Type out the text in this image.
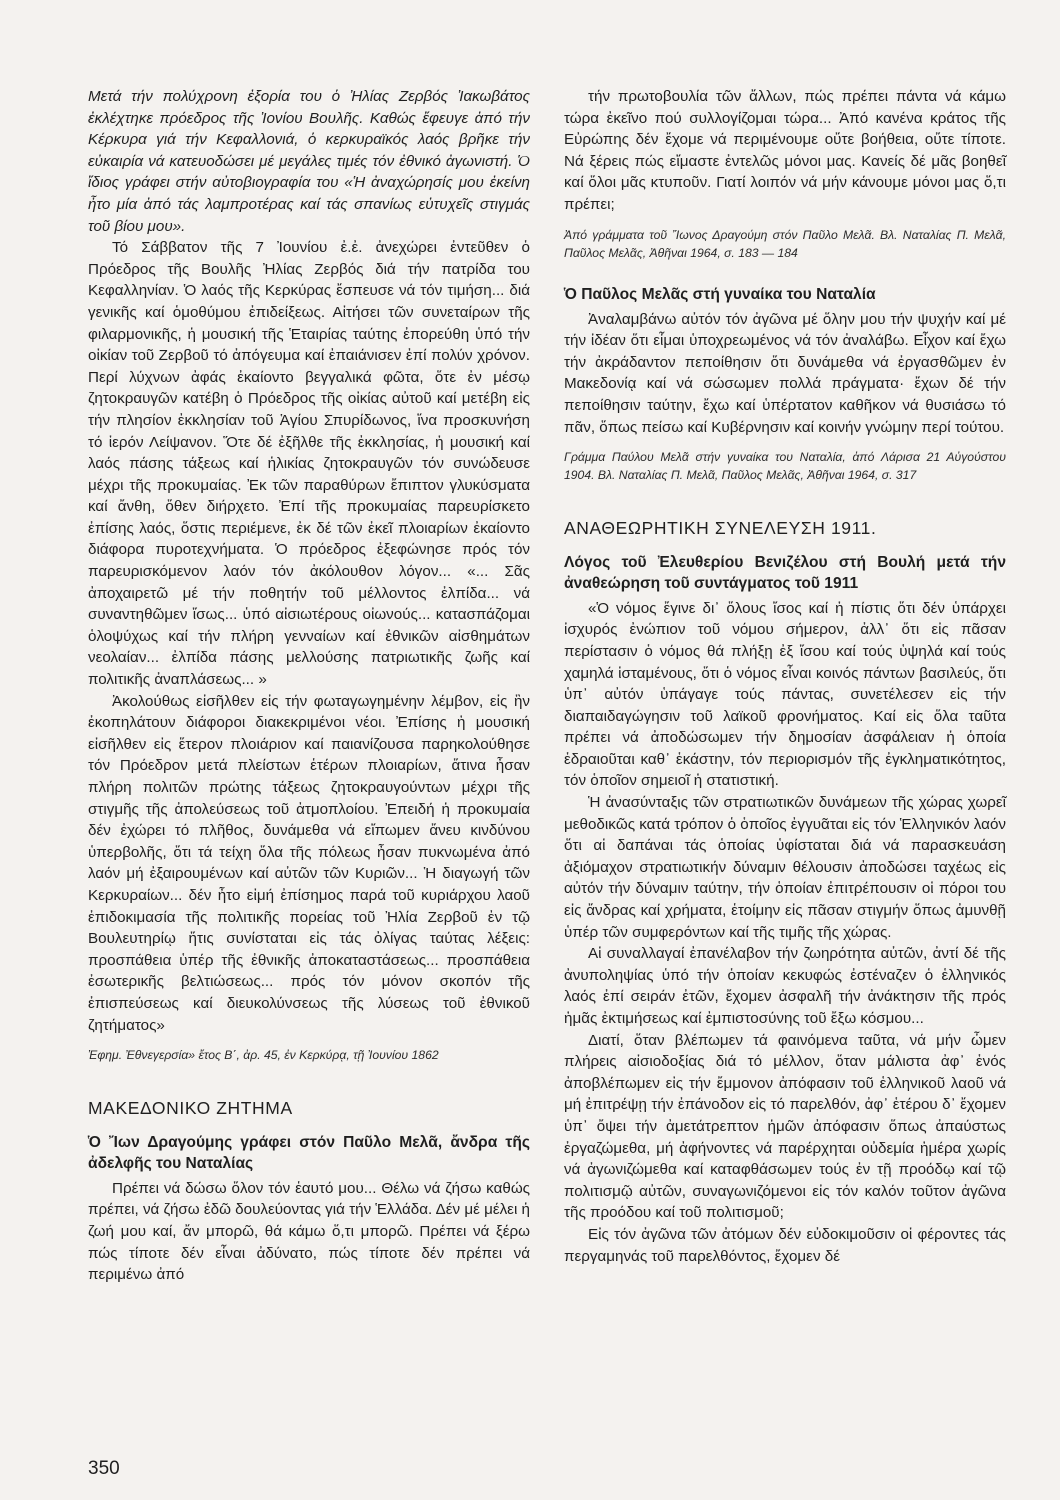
Μετά τήν πολύχρονη ἐξορία του ὁ Ἠλίας Ζερβός Ἰακωβάτος ἐκλέχτηκε πρόεδρος τῆς Ἰονίου Βουλῆς. Καθώς ἔφευγε ἀπό τήν Κέρκυρα γιά τήν Κεφαλλονιά, ὁ κερκυραϊκός λαός βρῆκε τήν εὐκαιρία νά κατευοδώσει μέ μεγάλες τιμές τόν ἐθνικό ἀγωνιστή. Ὁ ἴδιος γράφει στήν αὐτοβιογραφία του «Ἡ ἀναχώρησίς μου ἐκείνη ἦτο μία ἀπό τάς λαμπροτέρας καί τάς σπανίως εὐτυχεῖς στιγμάς τοῦ βίου μου».

Τό Σάββατον τῆς 7 Ἰουνίου ἐ.ἐ. ἀνεχώρει ἐντεῦθεν ὁ Πρόεδρος τῆς Βουλῆς Ἠλίας Ζερβός διά τήν πατρίδα του Κεφαλληνίαν. Ὁ λαός τῆς Κερκύρας ἔσπευσε νά τόν τιμήση... διά γενικῆς καί ὁμοθύμου ἐπιδείξεως. Αἰτήσει τῶν συνεταίρων τῆς φιλαρμονικῆς, ἡ μουσική τῆς Ἑταιρίας ταύτης ἐπορεύθη ὑπό τήν οἰκίαν τοῦ Ζερβοῦ τό ἀπόγευμα καί ἐπαιάνισεν ἐπί πολύν χρόνον. Περί λύχνων ἀφάς ἐκαίοντο βεγγαλικά φῶτα, ὅτε ἐν μέσῳ ζητοκραυγῶν κατέβη ὁ Πρόεδρος τῆς οἰκίας αὐτοῦ καί μετέβη εἰς τήν πλησίον ἐκκλησίαν τοῦ Ἁγίου Σπυρίδωνος, ἵνα προσκυνήση τό ἱερόν Λείψανον. Ὅτε δέ ἐξῆλθε τῆς ἐκκλησίας, ἡ μουσική καί λαός πάσης τάξεως καί ἡλικίας ζητοκραυγῶν τόν συνώδευσε μέχρι τῆς προκυμαίας. Ἐκ τῶν παραθύρων ἔπιπτον γλυκύσματα καί ἄνθη, ὅθεν διήρχετο. Ἐπί τῆς προκυμαίας παρευρίσκετο ἐπίσης λαός, ὅστις περιέμενε, ἐκ δέ τῶν ἐκεῖ πλοιαρίων ἐκαίοντο διάφορα πυροτεχνήματα. Ὁ πρόεδρος ἐξεφώνησε πρός τόν παρευρισκόμενον λαόν τόν ἀκόλουθον λόγον... «... Σᾶς ἀποχαιρετῶ μέ τήν ποθητήν τοῦ μέλλοντος ἐλπίδα... νά συναντηθῶμεν ἴσως... ὑπό αἰσιωτέρους οἰωνούς... κατασπάζομαι ὁλοψύχως καί τήν πλήρη γενναίων καί ἐθνικῶν αἰσθημάτων νεολαίαν... ἐλπίδα πάσης μελλούσης πατριωτικῆς ζωῆς καί πολιτικῆς ἀναπλάσεως... »

Ἀκολούθως εἰσῆλθεν εἰς τήν φωταγωγημένην λέμβον, εἰς ἣν ἐκοπηλάτουν διάφοροι διακεκριμένοι νέοι. Ἐπίσης ἡ μουσική εἰσῆλθεν εἰς ἕτερον πλοιάριον καί παιανίζουσα παρηκολούθησε τόν Πρόεδρον μετά πλείστων ἑτέρων πλοιαρίων, ἅτινα ἦσαν πλήρη πολιτῶν πρώτης τάξεως ζητοκραυγούντων μέχρι τῆς στιγμῆς τῆς ἀπολεύσεως τοῦ ἀτμοπλοίου. Ἐπειδή ἡ προκυμαία δέν ἐχώρει τό πλῆθος, δυνάμεθα νά εἴπωμεν ἄνευ κινδύνου ὑπερβολῆς, ὅτι τά τείχη ὅλα τῆς πόλεως ἦσαν πυκνωμένα ἀπό λαόν μή ἐξαιρουμένων καί αὐτῶν τῶν Κυριῶν... Ἡ διαγωγή τῶν Κερκυραίων... δέν ἦτο εἰμή ἐπίσημος παρά τοῦ κυριάρχου λαοῦ ἐπιδοκιμασία τῆς πολιτικῆς πορείας τοῦ Ἠλία Ζερβοῦ ἐν τῷ Βουλευτηρίῳ ἥτις συνίσταται εἰς τάς ὀλίγας ταύτας λέξεις: προσπάθεια ὑπέρ τῆς ἐθνικῆς ἀποκαταστάσεως... προσπάθεια ἐσωτερικῆς βελτιώσεως... πρός τόν μόνον σκοπόν τῆς ἐπισπεύσεως καί διευκολύνσεως τῆς λύσεως τοῦ ἐθνικοῦ ζητήματος»

Ἐφημ. Ἐθνεγερσία» ἔτος Β΄, ἀρ. 45, ἐν Κερκύρᾳ, τῇ Ἰουνίου 1862

ΜΑΚΕΔΟΝΙΚΟ ΖΗΤΗΜΑ
Ὁ Ἴων Δραγούμης γράφει στόν Παῦλο Μελᾶ, ἄνδρα τῆς ἀδελφῆς του Ναταλίας

Πρέπει νά δώσω ὅλον τόν ἑαυτό μου... Θέλω νά ζήσω καθώς πρέπει, νά ζήσω ἐδῶ δουλεύοντας γιά τήν Ἑλλάδα. Δέν μέ μέλει ἡ ζωή μου καί, ἄν μπορῶ, θά κάμω ὅ,τι μπορῶ. Πρέπει νά ξέρω πώς τίποτε δέν εἶναι ἀδύνατο, πώς τίποτε δέν πρέπει νά περιμένω ἀπό

τήν πρωτοβουλία τῶν ἄλλων, πώς πρέπει πάντα νά κάμω τώρα ἐκεῖνο πού συλλογίζομαι τώρα... Ἀπό κανένα κράτος τῆς Εὐρώπης δέν ἔχομε νά περιμένουμε οὔτε βοήθεια, οὔτε τίποτε. Νά ξέρεις πώς εἴμαστε ἐντελῶς μόνοι μας. Κανείς δέ μᾶς βοηθεῖ καί ὅλοι μᾶς κτυποῦν. Γιατί λοιπόν νά μήν κάνουμε μόνοι μας ὅ,τι πρέπει;

Ἀπό γράμματα τοῦ Ἴωνος Δραγούμη στόν Παῦλο Μελᾶ. Βλ. Ναταλίας Π. Μελᾶ, Παῦλος Μελᾶς, Ἀθῆναι 1964, σ. 183 — 184

Ὁ Παῦλος Μελᾶς στή γυναίκα του Ναταλία

Ἀναλαμβάνω αὐτόν τόν ἀγῶνα μέ ὅλην μου τήν ψυχήν καί μέ τήν ἰδέαν ὅτι εἶμαι ὑποχρεωμένος νά τόν ἀναλάβω. Εἶχον καί ἔχω τήν ἀκράδαντον πεποίθησιν ὅτι δυνάμεθα νά ἐργασθῶμεν ἐν Μακεδονίᾳ καί νά σώσωμεν πολλά πράγματα· ἔχων δέ τήν πεποίθησιν ταύτην, ἔχω καί ὑπέρτατον καθῆκον νά θυσιάσω τό πᾶν, ὅπως πείσω καί Κυβέρνησιν καί κοινήν γνώμην περί τούτου.

Γράμμα Παύλου Μελᾶ στήν γυναίκα του Ναταλία, ἀπό Λάρισα 21 Αὐγούστου 1904. Βλ. Ναταλίας Π. Μελᾶ, Παῦλος Μελᾶς, Ἀθῆναι 1964, σ. 317

ΑΝΑΘΕΩΡΗΤΙΚΗ ΣΥΝΕΛΕΥΣΗ 1911.
Λόγος τοῦ Ἐλευθερίου Βενιζέλου στή Βουλή μετά τήν ἀναθεώρηση τοῦ συντάγματος τοῦ 1911

«Ὁ νόμος ἔγινε δι᾽ ὅλους ἴσος καί ἡ πίστις ὅτι δέν ὑπάρχει ἰσχυρός ἐνώπιον τοῦ νόμου σήμερον, ἀλλ᾽ ὅτι εἰς πᾶσαν περίστασιν ὁ νόμος θά πλήξῃ ἐξ ἴσου καί τούς ὑψηλά καί τούς χαμηλά ἱσταμένους, ὅτι ὁ νόμος εἶναι κοινός πάντων βασιλεύς, ὅτι ὑπ᾽ αὐτόν ὑπάγαγε τούς πάντας, συνετέλεσεν εἰς τήν διαπαιδαγώγησιν τοῦ λαϊκοῦ φρονήματος. Καί εἰς ὅλα ταῦτα πρέπει νά ἀποδώσωμεν τήν δημοσίαν ἀσφάλειαν ἡ ὁποία ἑδραιοῦται καθ᾽ ἑκάστην, τόν περιορισμόν τῆς ἐγκληματικότητος, τόν ὁποῖον σημειοῖ ἡ στατιστική.

Ἡ ἀνασύνταξις τῶν στρατιωτικῶν δυνάμεων τῆς χώρας χωρεῖ μεθοδικῶς κατά τρόπον ὁ ὁποῖος ἐγγυᾶται εἰς τόν Ἑλληνικόν λαόν ὅτι αἱ δαπάναι τάς ὁποίας ὑφίσταται διά νά παρασκευάση ἀξιόμαχον στρατιωτικήν δύναμιν θέλουσιν ἀποδώσει ταχέως εἰς αὐτόν τήν δύναμιν ταύτην, τήν ὁποίαν ἐπιτρέπουσιν οἱ πόροι του εἰς ἄνδρας καί χρήματα, ἑτοίμην εἰς πᾶσαν στιγμήν ὅπως ἀμυνθῇ ὑπέρ τῶν συμφερόντων καί τῆς τιμῆς τῆς χώρας.

Αἱ συναλλαγαί ἐπανέλαβον τήν ζωηρότητα αὐτῶν, ἀντί δέ τῆς ἀνυποληψίας ὑπό τήν ὁποίαν κεκυφώς ἐστέναζεν ὁ ἑλληνικός λαός ἐπί σειράν ἐτῶν, ἔχομεν ἀσφαλῆ τήν ἀνάκτησιν τῆς πρός ἡμᾶς ἐκτιμήσεως καί ἐμπιστοσύνης τοῦ ἔξω κόσμου...

Διατί, ὅταν βλέπωμεν τά φαινόμενα ταῦτα, νά μήν ὦμεν πλήρεις αἰσιοδοξίας διά τό μέλλον, ὅταν μάλιστα ἀφ᾽ ἑνός ἀποβλέπωμεν εἰς τήν ἔμμονον ἀπόφασιν τοῦ ἑλληνικοῦ λαοῦ νά μή ἐπιτρέψῃ τήν ἐπάνοδον εἰς τό παρελθόν, ἀφ᾽ ἑτέρου δ᾽ ἔχομεν ὑπ᾽ ὄψει τήν ἀμετάτρεπτον ἡμῶν ἀπόφασιν ὅπως ἀπαύστως ἐργαζώμεθα, μή ἀφήνοντες νά παρέρχηται οὐδεμία ἡμέρα χωρίς νά ἀγωνιζώμεθα καί καταφθάσωμεν τούς ἐν τῇ προόδῳ καί τῷ πολιτισμῷ αὐτῶν, συναγωνιζόμενοι εἰς τόν καλόν τοῦτον ἀγῶνα τῆς προόδου καί τοῦ πολιτισμοῦ;

Εἰς τόν ἀγῶνα τῶν ἀτόμων δέν εὐδοκιμοῦσιν οἱ φέροντες τάς περγαμηνάς τοῦ παρελθόντος, ἔχομεν δέ

350
